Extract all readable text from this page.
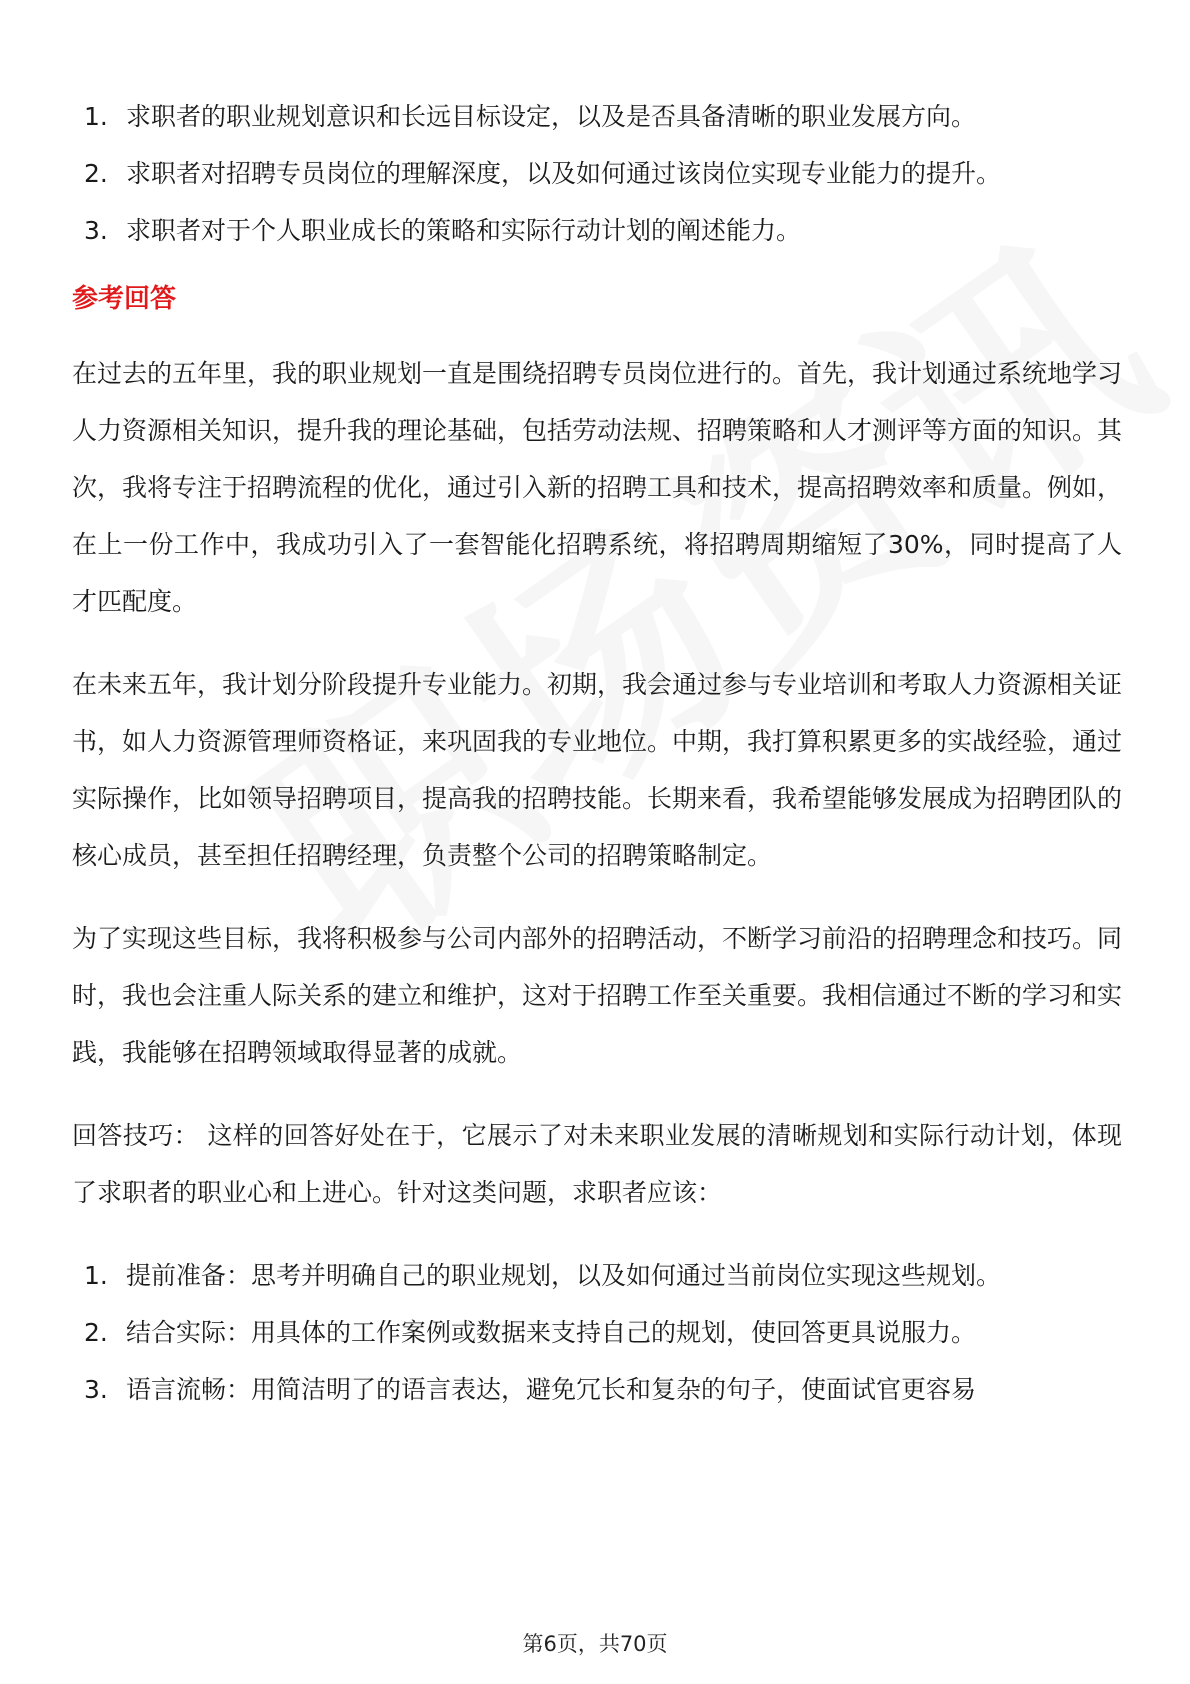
1. 求职者的职业规划意识和长远目标设定，以及是否具备清晰的职业发展方向。
2. 求职者对招聘专员岗位的理解深度，以及如何通过该岗位实现专业能力的提升。
3. 求职者对于个人职业成长的策略和实际行动计划的阐述能力。
参考回答

在过去的五年里，我的职业规划一直是围绕招聘专员岗位进行的。首先，我计划通过系统地学习人力资源相关知识，提升我的理论基础，包括劳动法规、招聘策略和人才测评等方面的知识。其次，我将专注于招聘流程的优化，通过引入新的招聘工具和技术，提高招聘效率和质量。例如，在上一份工作中，我成功引入了一套智能化招聘系统，将招聘周期缩短了30%，同时提高了人才匹配度。

在未来五年，我计划分阶段提升专业能力。初期，我会通过参与专业培训和考取人力资源相关证书，如人力资源管理师资格证，来巩固我的专业地位。中期，我打算积累更多的实战经验，通过实际操作，比如领导招聘项目，提高我的招聘技能。长期来看，我希望能够发展成为招聘团队的核心成员，甚至担任招聘经理，负责整个公司的招聘策略制定。

为了实现这些目标，我将积极参与公司内部外的招聘活动，不断学习前沿的招聘理念和技巧。同时，我也会注重人际关系的建立和维护，这对于招聘工作至关重要。我相信通过不断的学习和实践，我能够在招聘领域取得显著的成就。

回答技巧： 这样的回答好处在于，它展示了对未来职业发展的清晰规划和实际行动计划，体现了求职者的职业心和上进心。针对这类问题，求职者应该：

1. 提前准备：思考并明确自己的职业规划，以及如何通过当前岗位实现这些规划。
2. 结合实际：用具体的工作案例或数据来支持自己的规划，使回答更具说服力。
3. 语言流畅：用简洁明了的语言表达，避免冗长和复杂的句子，使面试官更容易
第6页，共70页
